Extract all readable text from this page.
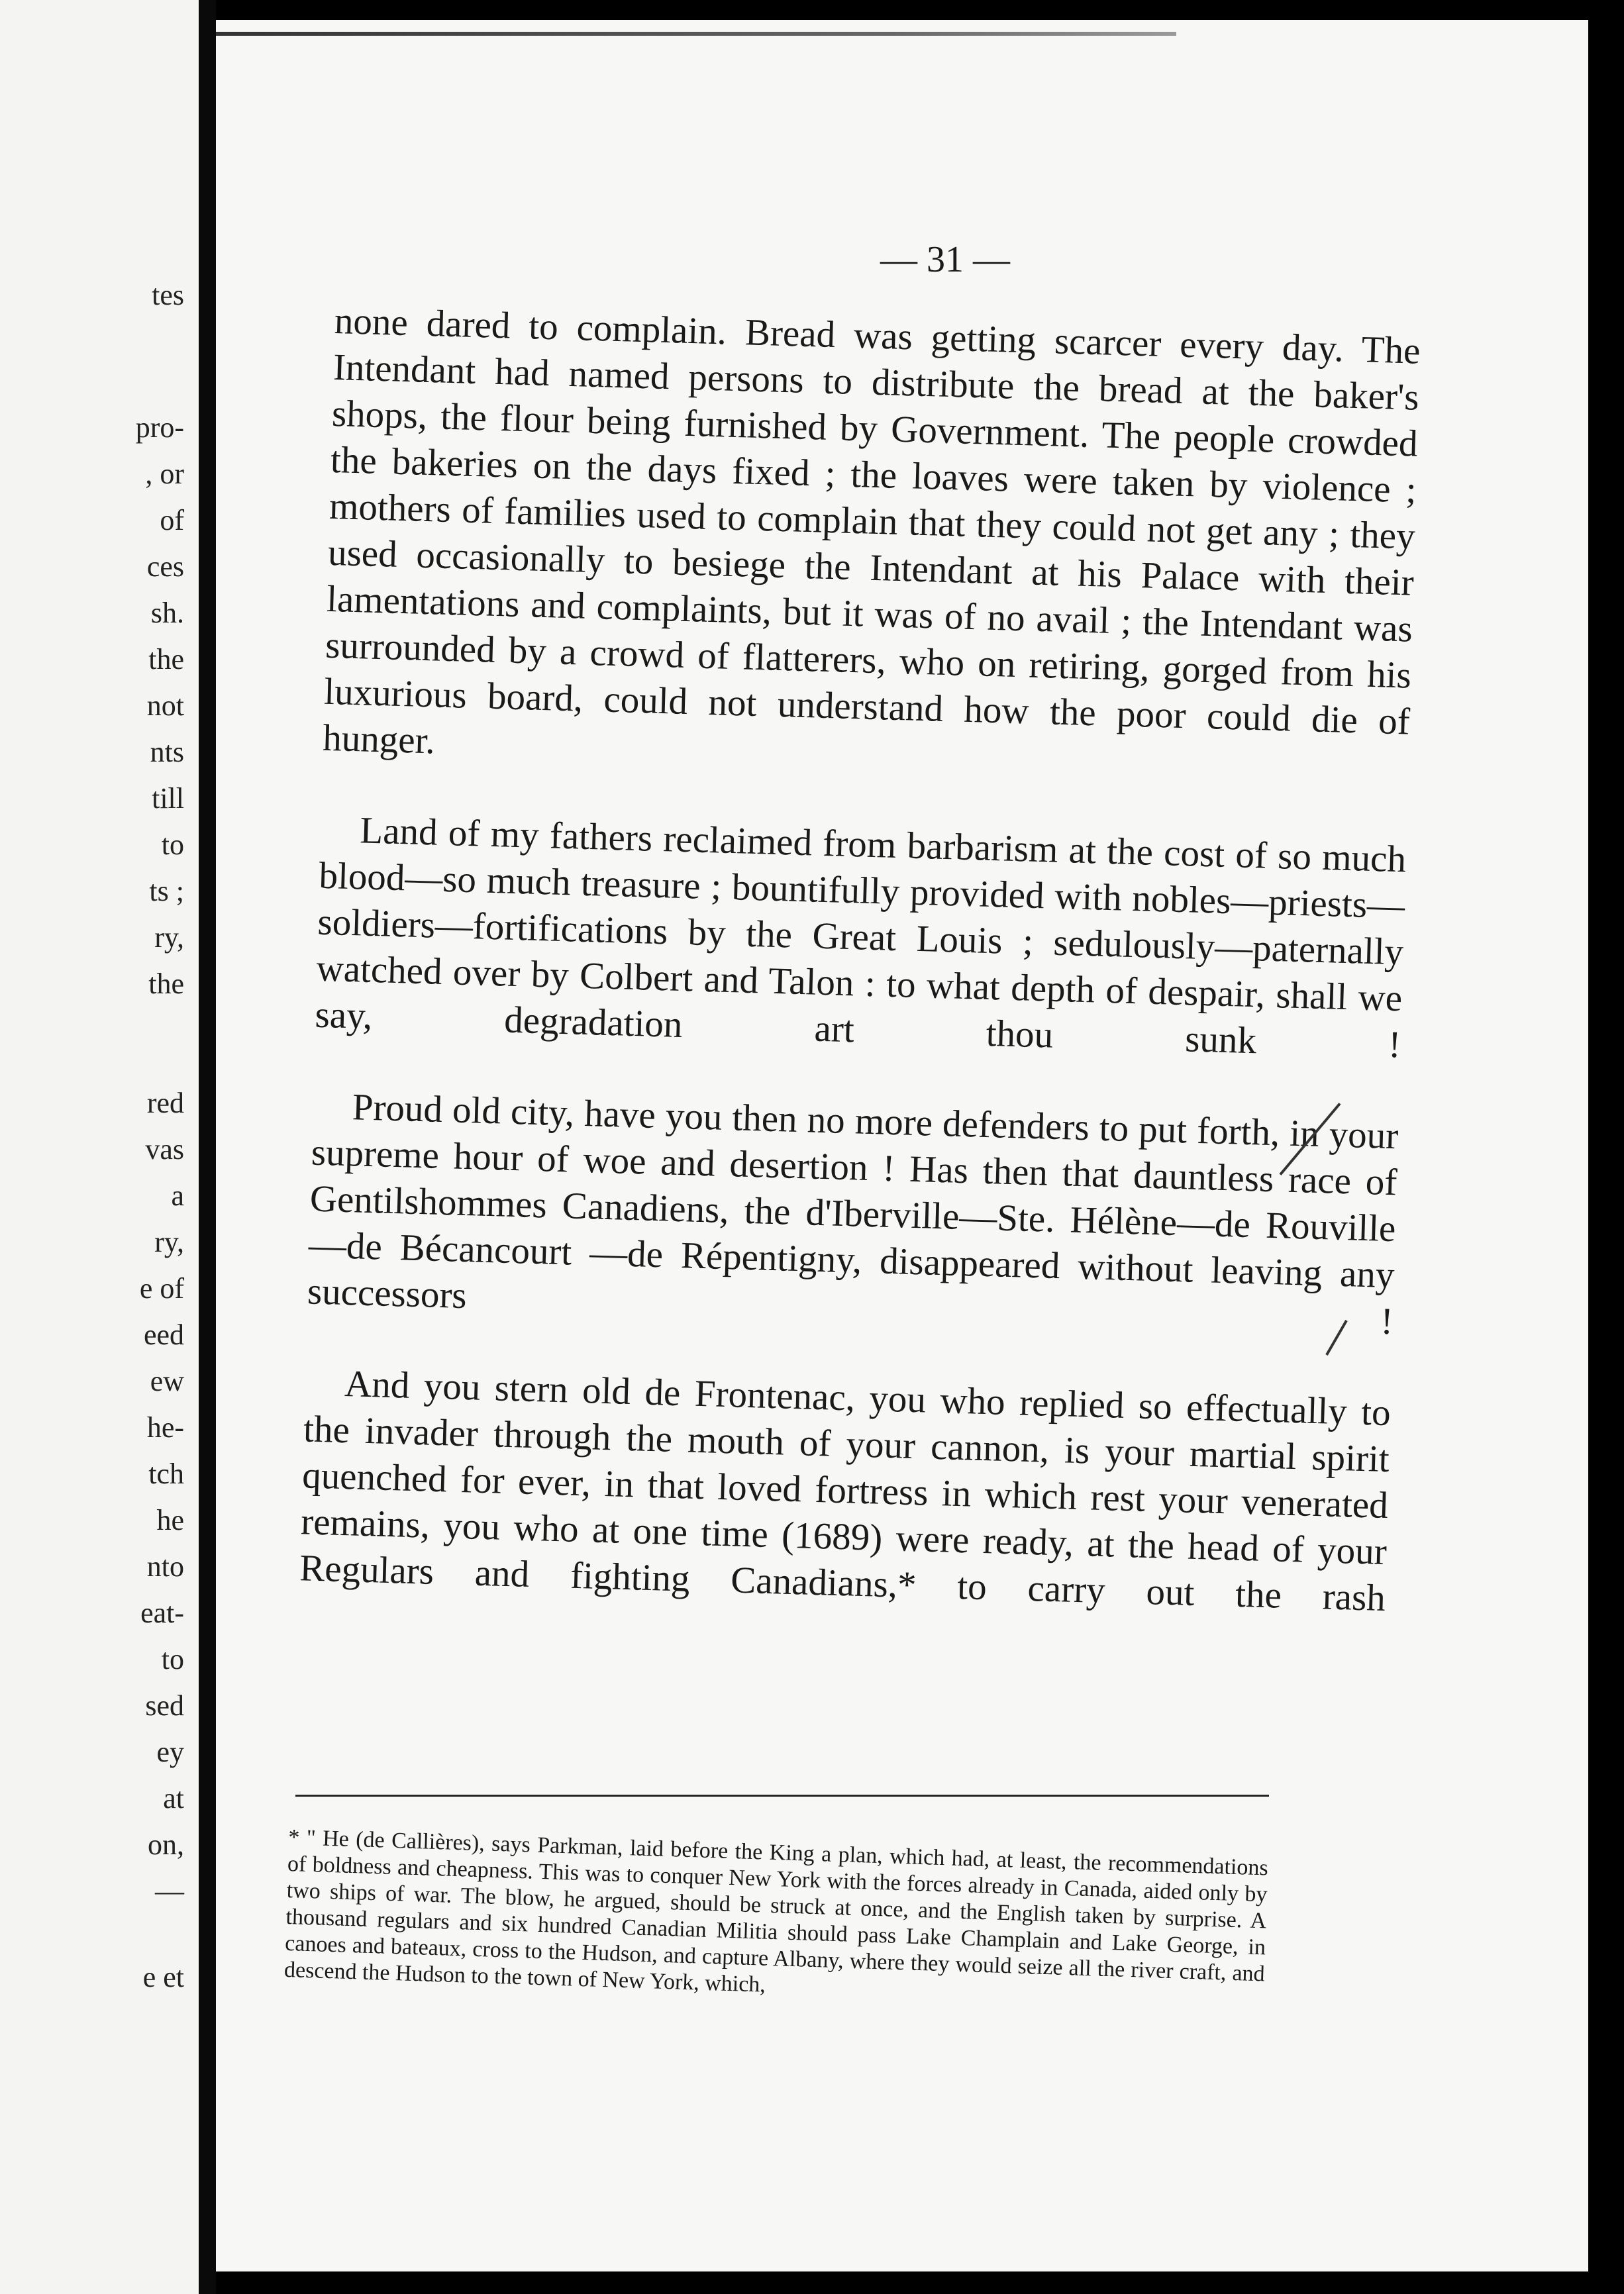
tes
pro-
, or
of
ces
sh.
the
not
nts
till
to
ts ;
ry,
the
red
vas
a
ry,
e of
eed
ew
he-
tch
he
nto
eat-
to
sed
ey
at
on,
—
e et
— 31 —

none dared to complain. Bread was getting scarcer every day. The Intendant had named persons to distribute the bread at the baker's shops, the flour being furnished by Government. The people crowded the bakeries on the days fixed ; the loaves were taken by violence ; mothers of families used to complain that they could not get any ; they used occasionally to besiege the Intendant at his Palace with their lamentations and complaints, but it was of no avail ; the Intendant was surrounded by a crowd of flatterers, who on retiring, gorged from his luxurious board, could not understand how the poor could die of hunger.

Land of my fathers reclaimed from barbarism at the cost of so much blood—so much treasure ; bountifully provided with nobles—priests—soldiers—fortifications by the Great Louis ; sedulously—paternally watched over by Colbert and Talon : to what depth of despair, shall we say, degradation art thou sunk !

Proud old city, have you then no more defenders to put forth, in your supreme hour of woe and desertion ! Has then that dauntless race of Gentilshommes Canadiens, the d'Iberville—Ste. Hélène—de Rouville—de Bécancourt —de Répentigny, disappeared without leaving any successors !

And you stern old de Frontenac, you who replied so effectually to the invader through the mouth of your cannon, is your martial spirit quenched for ever, in that loved fortress in which rest your venerated remains, you who at one time (1689) were ready, at the head of your Regulars and fighting Canadians,* to carry out the rash

* " He (de Callières), says Parkman, laid before the King a plan, which had, at least, the recommendations of boldness and cheapness. This was to conquer New York with the forces already in Canada, aided only by two ships of war. The blow, he argued, should be struck at once, and the English taken by surprise. A thousand regulars and six hundred Canadian Militia should pass Lake Champlain and Lake George, in canoes and bateaux, cross to the Hudson, and capture Albany, where they would seize all the river craft, and descend the Hudson to the town of New York, which,
